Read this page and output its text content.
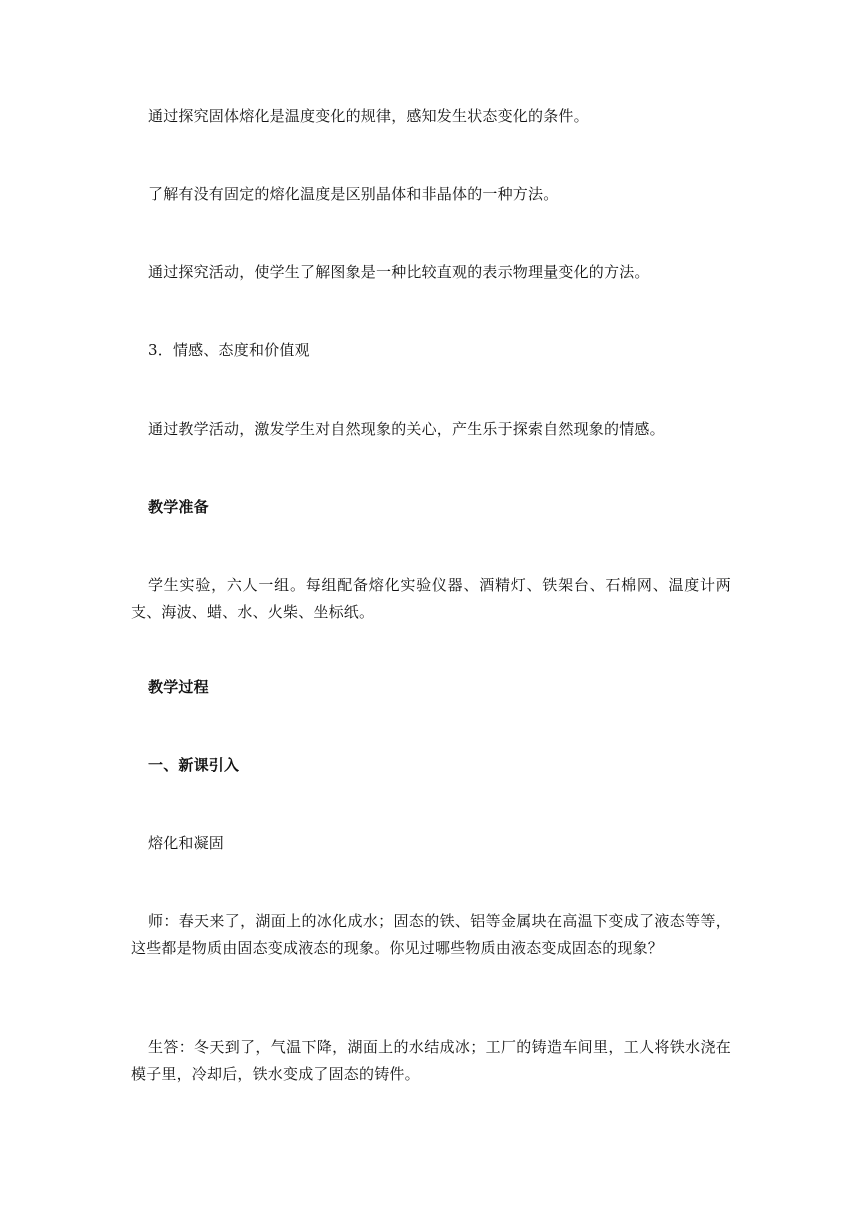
通过探究固体熔化是温度变化的规律，感知发生状态变化的条件。

了解有没有固定的熔化温度是区别晶体和非晶体的一种方法。

通过探究活动，使学生了解图象是一种比较直观的表示物理量变化的方法。

3．情感、态度和价值观

通过教学活动，激发学生对自然现象的关心，产生乐于探索自然现象的情感。

教学准备

学生实验，六人一组。每组配备熔化实验仪器、酒精灯、铁架台、石棉网、温度计两支、海波、蜡、水、火柴、坐标纸。

教学过程

一、新课引入

熔化和凝固

师：春天来了，湖面上的冰化成水；固态的铁、铝等金属块在高温下变成了液态等等，这些都是物质由固态变成液态的现象。你见过哪些物质由液态变成固态的现象？

生答：冬天到了，气温下降，湖面上的水结成冰；工厂的铸造车间里，工人将铁水浇在模子里，冷却后，铁水变成了固态的铸件。
